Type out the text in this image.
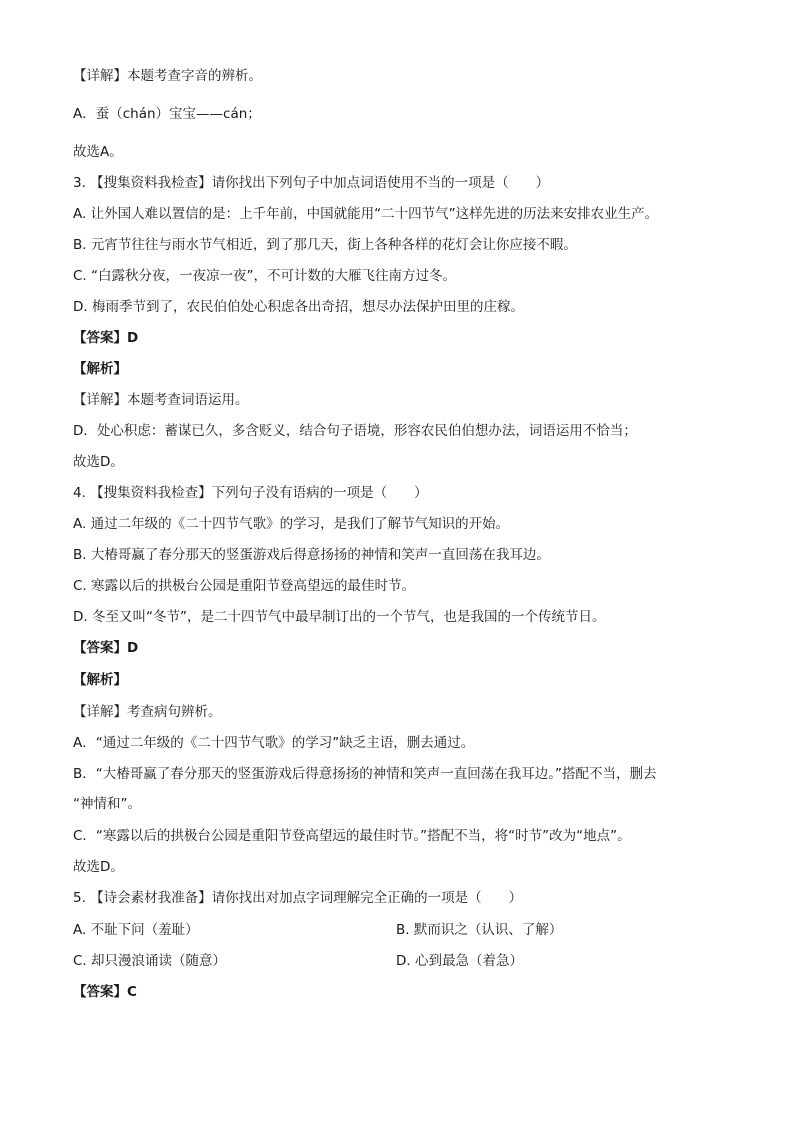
【详解】本题考查字音的辨析。
A．蚕（chán）宝宝——cán；
故选A。
3. 【搜集资料我检查】请你找出下列句子中加点词语使用不当的一项是（　　）
A. 让外国人难以置信的是：上千年前，中国就能用“二十四节气”这样先进的历法来安排农业生产。
B. 元宵节往往与雨水节气相近，到了那几天，街上各种各样的花灯会让你应接不暇。
C. “白露秋分夜，一夜凉一夜”，不可计数的大雁飞往南方过冬。
D. 梅雨季节到了，农民伯伯处心积虑各出奇招，想尽办法保护田里的庄稼。
【答案】D
【解析】
【详解】本题考查词语运用。
D．处心积虑：蓄谋已久，多含贬义，结合句子语境，形容农民伯伯想办法，词语运用不恰当；
故选D。
4. 【搜集资料我检查】下列句子没有语病的一项是（　　）
A. 通过二年级的《二十四节气歌》的学习，是我们了解节气知识的开始。
B. 大椿哥赢了春分那天的竖蛋游戏后得意扬扬的神情和笑声一直回荡在我耳边。
C. 寒露以后的拱极台公园是重阳节登高望远的最佳时节。
D. 冬至又叫“冬节”，是二十四节气中最早制订出的一个节气，也是我国的一个传统节日。
【答案】D
【解析】
【详解】考查病句辨析。
A．“通过二年级的《二十四节气歌》的学习”缺乏主语，删去通过。
B．“大椿哥赢了春分那天的竖蛋游戏后得意扬扬的神情和笑声一直回荡在我耳边。”搭配不当，删去
“神情和”。
C．“寒露以后的拱极台公园是重阳节登高望远的最佳时节。”搭配不当，将“时节”改为“地点”。
故选D。
5. 【诗会素材我准备】请你找出对加点字词理解完全正确的一项是（　　）
A. 不耻下问（羞耻）	B. 默而识之（认识、了解）
C. 却只漫浪诵读（随意）	D. 心到最急（着急）
【答案】C
